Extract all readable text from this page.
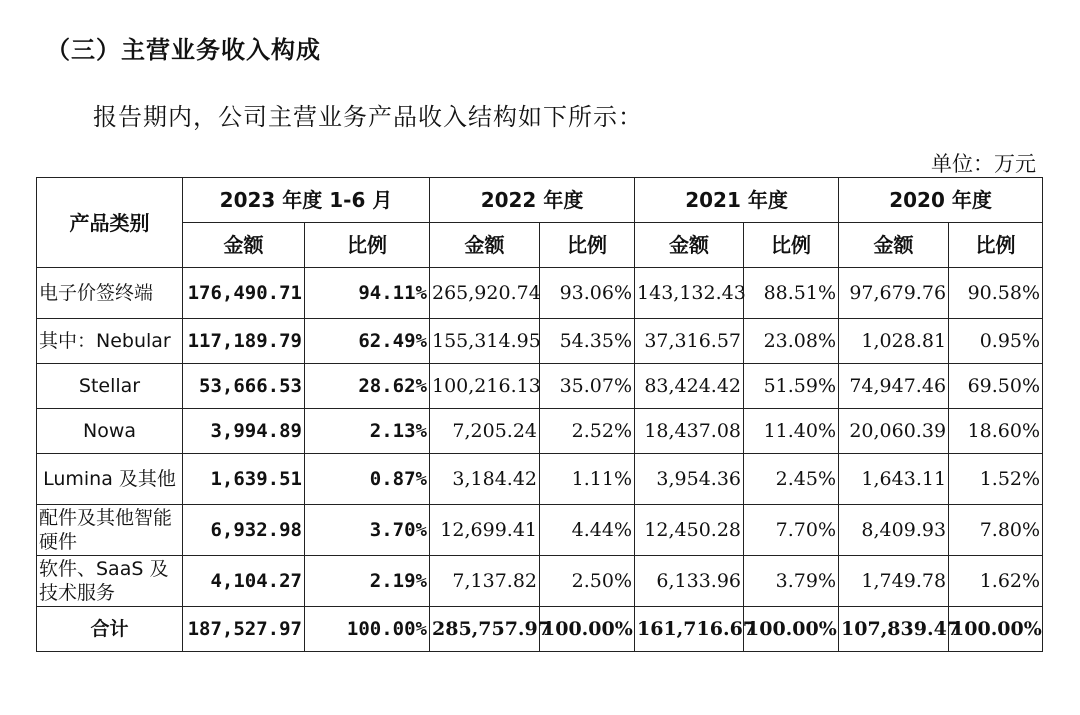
（三）主营业务收入构成
报告期内，公司主营业务产品收入结构如下所示：
单位：万元
产品类别	2023 年度 1-6 月		2022 年度		2021 年度		2020 年度	
	金额	比例	金额	比例	金额	比例	金额	比例
电子价签终端	176,490.71	94.11%	265,920.74	93.06%	143,132.43	88.51%	97,679.76	90.58%
其中：Nebular	117,189.79	62.49%	155,314.95	54.35%	37,316.57	23.08%	1,028.81	0.95%
Stellar	53,666.53	28.62%	100,216.13	35.07%	83,424.42	51.59%	74,947.46	69.50%
Nowa	3,994.89	2.13%	7,205.24	2.52%	18,437.08	11.40%	20,060.39	18.60%
Lumina 及其他	1,639.51	0.87%	3,184.42	1.11%	3,954.36	2.45%	1,643.11	1.52%
配件及其他智能硬件	6,932.98	3.70%	12,699.41	4.44%	12,450.28	7.70%	8,409.93	7.80%
软件、SaaS 及技术服务	4,104.27	2.19%	7,137.82	2.50%	6,133.96	3.79%	1,749.78	1.62%
合计	187,527.97	100.00%	285,757.97	100.00%	161,716.67	100.00%	107,839.47	100.00%
